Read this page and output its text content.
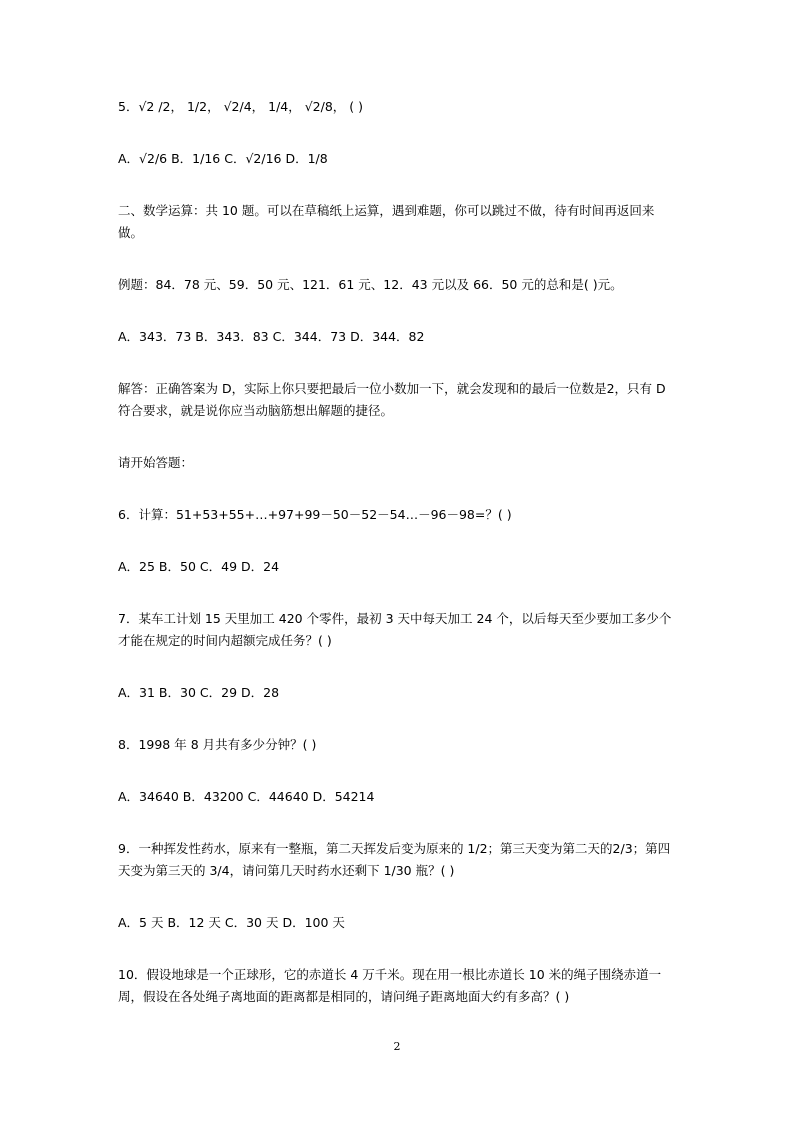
5．√2 /2， 1/2， √2/4， 1/4， √2/8， ( )

A．√2/6 B．1/16 C．√2/16 D．1/8

二、数学运算：共 10 题。可以在草稿纸上运算，遇到难题，你可以跳过不做，待有时间再返回来做。

例题：84．78 元、59．50 元、121．61 元、12．43 元以及 66．50 元的总和是( )元。

A．343．73 B．343．83 C．344．73 D．344．82

解答：正确答案为 D，实际上你只要把最后一位小数加一下，就会发现和的最后一位数是2，只有 D 符合要求，就是说你应当动脑筋想出解题的捷径。

请开始答题：

6．计算：51+53+55+…+97+99－50－52－54…－96－98=？( )

A．25 B．50 C．49 D．24

7．某车工计划 15 天里加工 420 个零件，最初 3 天中每天加工 24 个，以后每天至少要加工多少个才能在规定的时间内超额完成任务？( )

A．31 B．30 C．29 D．28

8．1998 年 8 月共有多少分钟？( )

A．34640 B．43200 C．44640 D．54214

9．一种挥发性药水，原来有一整瓶，第二天挥发后变为原来的 1/2；第三天变为第二天的2/3；第四天变为第三天的 3/4，请问第几天时药水还剩下 1/30 瓶？( )

A．5 天 B．12 天 C．30 天 D．100 天

10．假设地球是一个正球形，它的赤道长 4 万千米。现在用一根比赤道长 10 米的绳子围绕赤道一周，假设在各处绳子离地面的距离都是相同的，请问绳子距离地面大约有多高？( )

2
